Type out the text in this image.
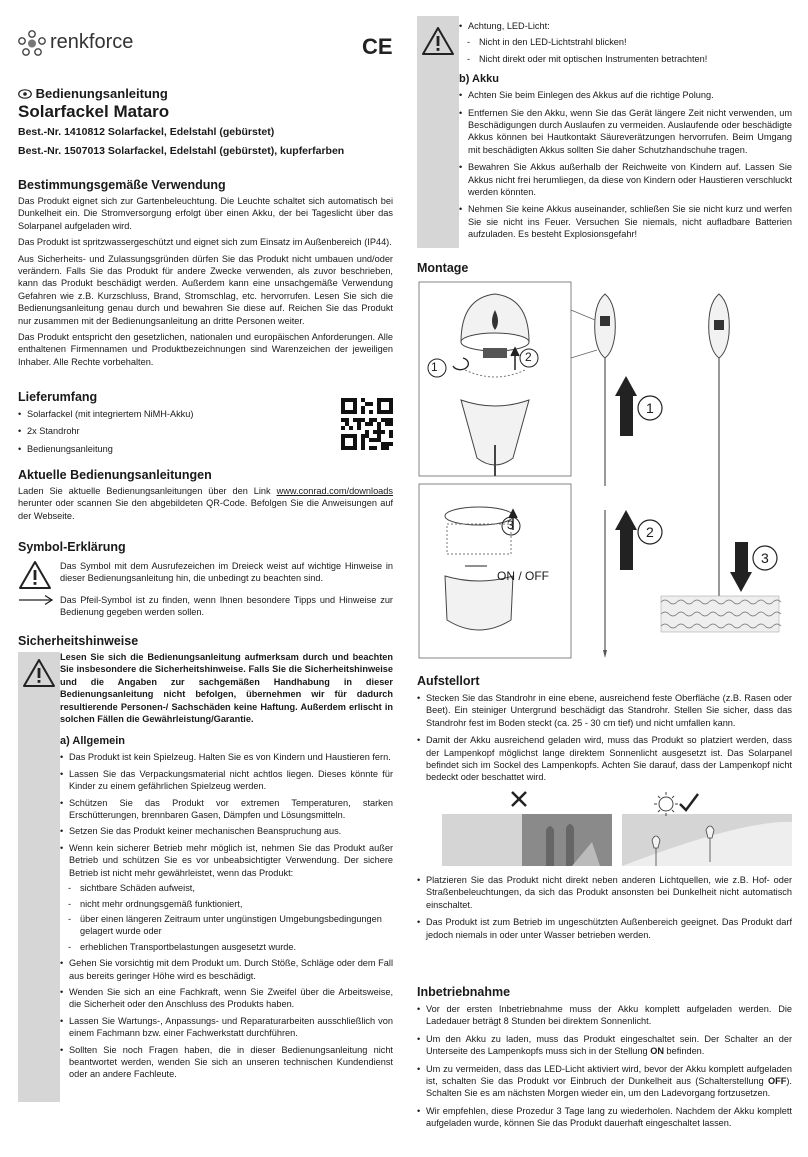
renkforce	CE
Bedienungsanleitung
Solarfackel Mataro
Best.-Nr. 1410812 Solarfackel, Edelstahl (gebürstet)
Best.-Nr. 1507013 Solarfackel, Edelstahl (gebürstet), kupferfarben
Bestimmungsgemäße Verwendung

Das Produkt eignet sich zur Gartenbeleuchtung. Die Leuchte schaltet sich automatisch bei Dunkelheit ein. Die Stromversorgung erfolgt über einen Akku, der bei Tageslicht über das Solarpanel aufgeladen wird.

Das Produkt ist spritzwassergeschützt und eignet sich zum Einsatz im Außenbereich (IP44).

Aus Sicherheits- und Zulassungsgründen dürfen Sie das Produkt nicht umbauen und/oder verändern. Falls Sie das Produkt für andere Zwecke verwenden, als zuvor beschrieben, kann das Produkt beschädigt werden. Außerdem kann eine unsachgemäße Verwendung Gefahren wie z.B. Kurzschluss, Brand, Stromschlag, etc. hervorrufen. Lesen Sie sich die Bedienungsanleitung genau durch und bewahren Sie diese auf. Reichen Sie das Produkt nur zusammen mit der Bedienungsanleitung an dritte Personen weiter.

Das Produkt entspricht den gesetzlichen, nationalen und europäischen Anforderungen. Alle enthaltenen Firmennamen und Produktbezeichnungen sind Warenzeichen der jeweiligen Inhaber. Alle Rechte vorbehalten.

Lieferumfang
• Solarfackel (mit integriertem NiMH-Akku)
• 2x Standrohr
• Bedienungsanleitung
Aktuelle Bedienungsanleitungen

Laden Sie aktuelle Bedienungsanleitungen über den Link www.conrad.com/downloads herunter oder scannen Sie den abgebildeten QR-Code. Befolgen Sie die Anweisungen auf der Webseite.

Symbol-Erklärung

Das Symbol mit dem Ausrufezeichen im Dreieck weist auf wichtige Hinweise in dieser Bedienungsanleitung hin, die unbedingt zu beachten sind.

Das Pfeil-Symbol ist zu finden, wenn Ihnen besondere Tipps und Hinweise zur Bedienung gegeben werden sollen.

Sicherheitshinweise

Lesen Sie sich die Bedienungsanleitung aufmerksam durch und beachten Sie insbesondere die Sicherheitshinweise. Falls Sie die Sicherheitshinweise und die Angaben zur sachgemäßen Handhabung in dieser Bedienungsanleitung nicht befolgen, übernehmen wir für dadurch resultierende Personen-/ Sachschäden keine Haftung. Außerdem erlischt in solchen Fällen die Gewährleistung/Garantie.

a) Allgemein
• Das Produkt ist kein Spielzeug. Halten Sie es von Kindern und Haustieren fern.
• Lassen Sie das Verpackungsmaterial nicht achtlos liegen. Dieses könnte für Kinder zu einem gefährlichen Spielzeug werden.
• Schützen Sie das Produkt vor extremen Temperaturen, starken Erschütterungen, brennbaren Gasen, Dämpfen und Lösungsmitteln.
• Setzen Sie das Produkt keiner mechanischen Beanspruchung aus.
• Wenn kein sicherer Betrieb mehr möglich ist, nehmen Sie das Produkt außer Betrieb und schützen Sie es vor unbeabsichtigter Verwendung. Der sichere Betrieb ist nicht mehr gewährleistet, wenn das Produkt:
- sichtbare Schäden aufweist,
- nicht mehr ordnungsgemäß funktioniert,
- über einen längeren Zeitraum unter ungünstigen Umgebungsbedingungen gelagert wurde oder
- erheblichen Transportbelastungen ausgesetzt wurde.
• Gehen Sie vorsichtig mit dem Produkt um. Durch Stöße, Schläge oder dem Fall aus bereits geringer Höhe wird es beschädigt.
• Wenden Sie sich an eine Fachkraft, wenn Sie Zweifel über die Arbeitsweise, die Sicherheit oder den Anschluss des Produkts haben.
• Lassen Sie Wartungs-, Anpassungs- und Reparaturarbeiten ausschließlich von einem Fachmann bzw. einer Fachwerkstatt durchführen.
• Sollten Sie noch Fragen haben, die in dieser Bedienungsanleitung nicht beantwortet werden, wenden Sie sich an unseren technischen Kundendienst oder an andere Fachleute.
• Achtung, LED-Licht:
- Nicht in den LED-Lichtstrahl blicken!
- Nicht direkt oder mit optischen Instrumenten betrachten!
b) Akku
• Achten Sie beim Einlegen des Akkus auf die richtige Polung.
• Entfernen Sie den Akku, wenn Sie das Gerät längere Zeit nicht verwenden, um Beschädigungen durch Auslaufen zu vermeiden. Auslaufende oder beschädigte Akkus können bei Hautkontakt Säureverätzungen hervorrufen. Beim Umgang mit beschädigten Akkus sollten Sie daher Schutzhandschuhe tragen.
• Bewahren Sie Akkus außerhalb der Reichweite von Kindern auf. Lassen Sie Akkus nicht frei herumliegen, da diese von Kindern oder Haustieren verschluckt werden könnten.
• Nehmen Sie keine Akkus auseinander, schließen Sie sie nicht kurz und werfen Sie sie nicht ins Feuer. Versuchen Sie niemals, nicht aufladbare Batterien aufzuladen. Es besteht Explosionsgefahr!
Montage
1
2
3
1
2
3
ON / OFF
Aufstellort
• Stecken Sie das Standrohr in eine ebene, ausreichend feste Oberfläche (z.B. Rasen oder Beet). Ein steiniger Untergrund beschädigt das Standrohr. Stellen Sie sicher, dass das Standrohr fest im Boden steckt (ca. 25 - 30 cm tief) und nicht umfallen kann.
• Damit der Akku ausreichend geladen wird, muss das Produkt so platziert werden, dass der Lampenkopf möglichst lange direktem Sonnenlicht ausgesetzt ist. Das Solarpanel befindet sich im Sockel des Lampenkopfs. Achten Sie darauf, dass der Lampenkopf nicht bedeckt oder beschattet wird.
• Platzieren Sie das Produkt nicht direkt neben anderen Lichtquellen, wie z.B. Hof- oder Straßenbeleuchtungen, da sich das Produkt ansonsten bei Dunkelheit nicht automatisch einschaltet.
• Das Produkt ist zum Betrieb im ungeschützten Außenbereich geeignet. Das Produkt darf jedoch niemals in oder unter Wasser betrieben werden.
Inbetriebnahme
• Vor der ersten Inbetriebnahme muss der Akku komplett aufgeladen werden. Die Ladedauer beträgt 8 Stunden bei direktem Sonnenlicht.
• Um den Akku zu laden, muss das Produkt eingeschaltet sein. Der Schalter an der Unterseite des Lampenkopfs muss sich in der Stellung ON befinden.
• Um zu vermeiden, dass das LED-Licht aktiviert wird, bevor der Akku komplett aufgeladen ist, schalten Sie das Produkt vor Einbruch der Dunkelheit aus (Schalterstellung OFF). Schalten Sie es am nächsten Morgen wieder ein, um den Ladevorgang fortzusetzen.
• Wir empfehlen, diese Prozedur 3 Tage lang zu wiederholen. Nachdem der Akku komplett aufgeladen wurde, können Sie das Produkt dauerhaft eingeschaltet lassen.
